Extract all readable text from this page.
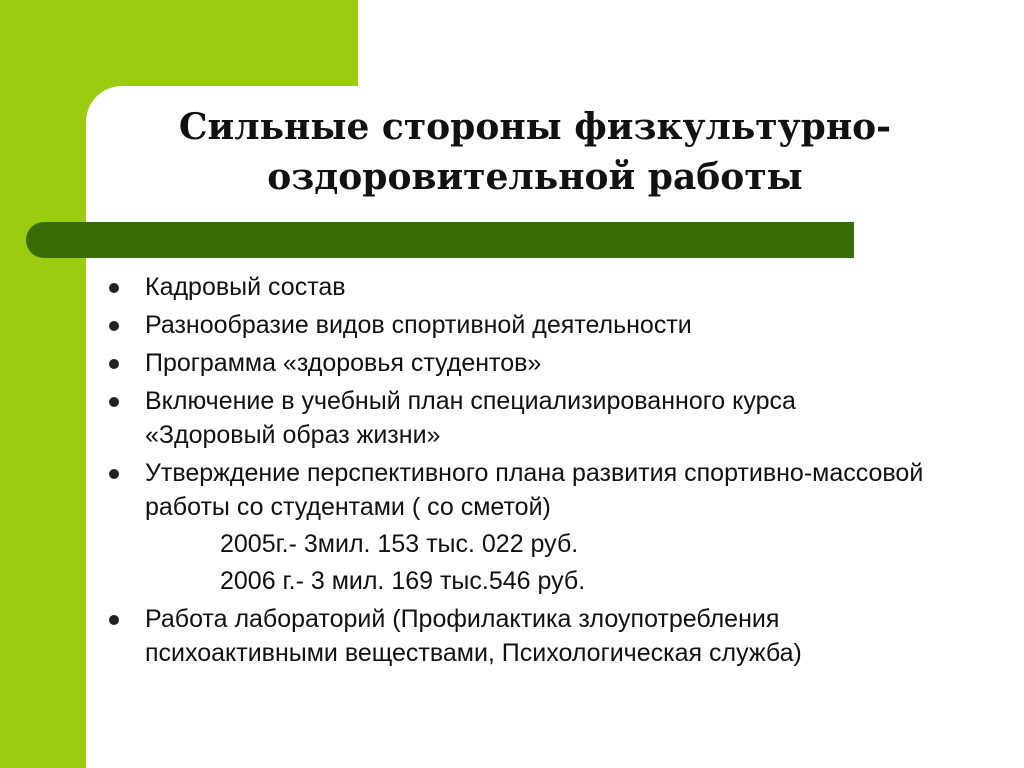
Сильные стороны физкультурно-
оздоровительной работы
Кадровый состав
Разнообразие видов спортивной деятельности
Программа «здоровья студентов»
Включение в учебный план специализированного курса «Здоровый образ жизни»
Утверждение перспективного плана развития спортивно-массовой работы со студентами ( со сметой)
2005г.- 3мил. 153 тыс. 022 руб.
2006 г.- 3 мил. 169 тыс.546 руб.
Работа лабораторий (Профилактика злоупотребления психоактивными веществами, Психологическая служба)
